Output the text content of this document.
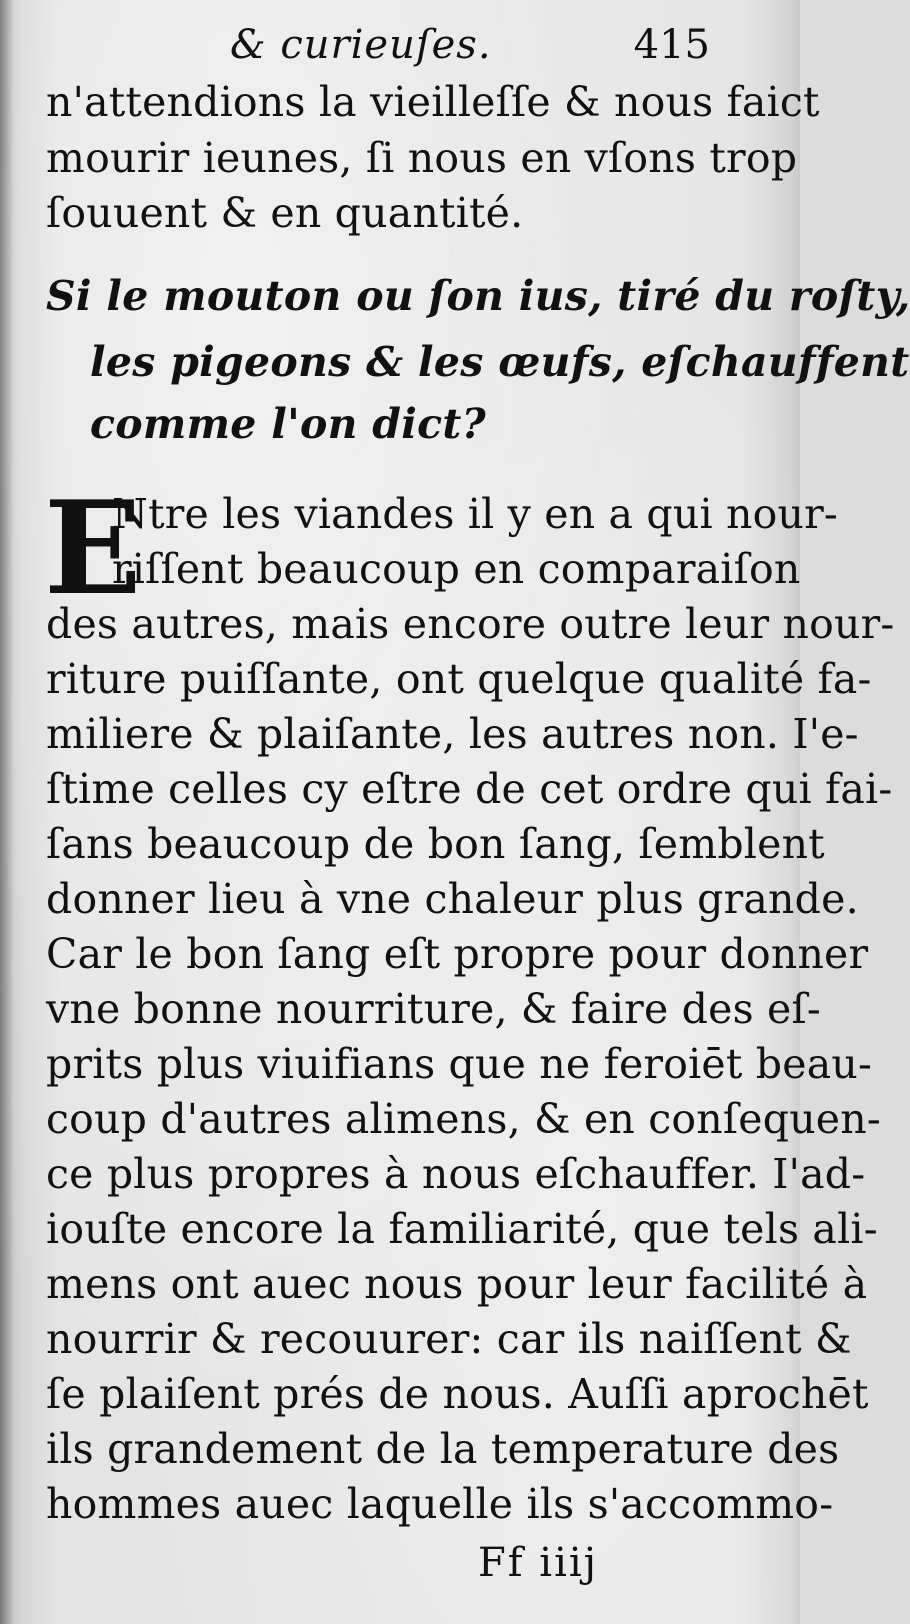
& curieuſes.	415
n'attendions la vieilleſſe & nous faict
mourir ieunes, ſi nous en vſons trop
ſouuent & en quantité.
Si le mouton ou ſon ius, tiré du roſty,
les pigeons & les œufs, eſchauffent
comme l'on dict?
E
Ntre les viandes il y en a qui nour-
riſſent beaucoup en comparaiſon
des autres, mais encore outre leur nour-
riture puiſſante, ont quelque qualité fa-
miliere & plaiſante, les autres non. I'e-
ſtime celles cy eſtre de cet ordre qui fai-
ſans beaucoup de bon ſang, ſemblent
donner lieu à vne chaleur plus grande.
Car le bon ſang eſt propre pour donner
vne bonne nourriture, & faire des eſ-
prits plus viuifians que ne feroiēt beau-
coup d'autres alimens, & en conſequen-
ce plus propres à nous eſchauffer. I'ad-
iouſte encore la familiarité, que tels ali-
mens ont auec nous pour leur facilité à
nourrir & recouurer: car ils naiſſent &
ſe plaiſent prés de nous. Auſſi aprochēt
ils grandement de la temperature des
hommes auec laquelle ils s'accommo-
Ff iiij
